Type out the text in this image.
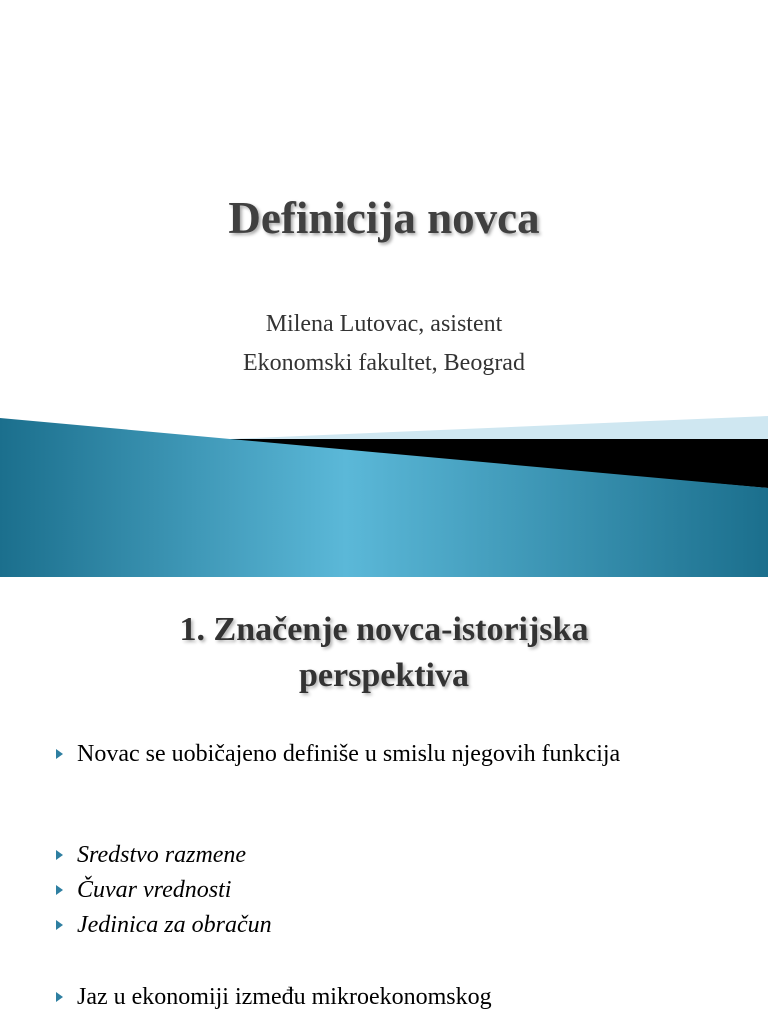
Definicija novca

Milena Lutovac, asistent

Ekonomski fakultet, Beograd

1. Značenje novca-istorijska
perspektiva
Novac se uobičajeno definiše u smislu njegovih funkcija
Sredstvo razmene
Čuvar vrednosti
Jedinica za obračun
Jaz u ekonomiji između mikroekonomskog
